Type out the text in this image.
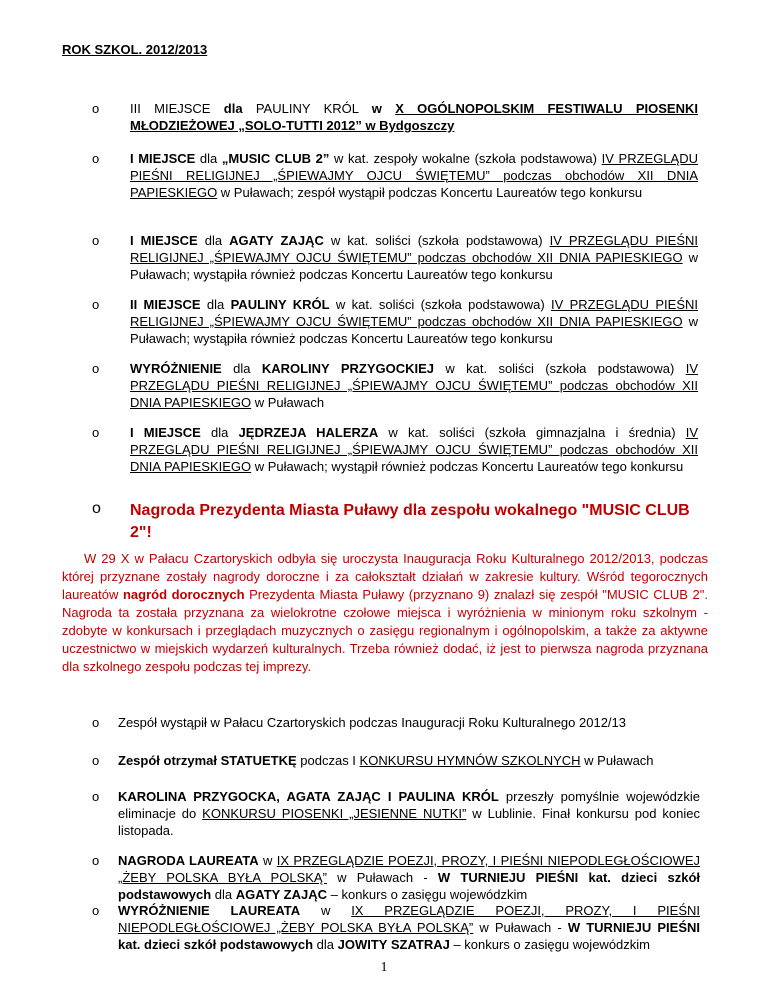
ROK SZKOL. 2012/2013
o	III MIEJSCE dla PAULINY KRÓL w X OGÓLNOPOLSKIM FESTIWALU PIOSENKI MŁODZIEŻOWEJ „SOLO-TUTTI 2012” w Bydgoszczy
o	I MIEJSCE dla „MUSIC CLUB 2” w kat. zespoły wokalne (szkoła podstawowa) IV PRZEGLĄDU PIEŚNI RELIGIJNEJ „ŚPIEWAJMY OJCU ŚWIĘTEMU” podczas obchodów XII DNIA PAPIESKIEGO w Puławach; zespół wystąpił podczas Koncertu Laureatów tego konkursu
o	I MIEJSCE dla AGATY ZAJĄC w kat. soliści (szkoła podstawowa) IV PRZEGLĄDU PIEŚNI RELIGIJNEJ „ŚPIEWAJMY OJCU ŚWIĘTEMU” podczas obchodów XII DNIA PAPIESKIEGO w Puławach; wystąpiła również podczas Koncertu Laureatów tego konkursu
o	II MIEJSCE dla PAULINY KRÓL w kat. soliści (szkoła podstawowa) IV PRZEGLĄDU PIEŚNI RELIGIJNEJ „ŚPIEWAJMY OJCU ŚWIĘTEMU” podczas obchodów XII DNIA PAPIESKIEGO w Puławach; wystąpiła również podczas Koncertu Laureatów tego konkursu
o	WYRÓŻNIENIE dla KAROLINY PRZYGOCKIEJ w kat. soliści (szkoła podstawowa) IV PRZEGLĄDU PIEŚNI RELIGIJNEJ „ŚPIEWAJMY OJCU ŚWIĘTEMU” podczas obchodów XII DNIA PAPIESKIEGO w Puławach
o	I MIEJSCE dla JĘDRZEJA HALERZA w kat. soliści (szkoła gimnazjalna i średnia) IV PRZEGLĄDU PIEŚNI RELIGIJNEJ „ŚPIEWAJMY OJCU ŚWIĘTEMU” podczas obchodów XII DNIA PAPIESKIEGO w Puławach; wystąpił również podczas Koncertu Laureatów tego konkursu
o Nagroda Prezydenta Miasta Puławy dla zespołu wokalnego "MUSIC CLUB 2"!
W 29 X w Pałacu Czartoryskich odbyła się uroczysta Inauguracja Roku Kulturalnego 2012/2013, podczas której przyznane zostały nagrody doroczne i za całokształt działań w zakresie kultury. Wśród tegorocznych laureatów nagród dorocznych Prezydenta Miasta Puławy (przyznano 9) znalazł się zespół "MUSIC CLUB 2". Nagroda ta została przyznana za wielokrotne czołowe miejsca i wyróżnienia w minionym roku szkolnym - zdobyte w konkursach i przeglądach muzycznych o zasięgu regionalnym i ogólnopolskim, a także za aktywne uczestnictwo w miejskich wydarzeń kulturalnych. Trzeba również dodać, iż jest to pierwsza nagroda przyznana dla szkolnego zespołu podczas tej imprezy.
o	Zespół wystąpił w Pałacu Czartoryskich podczas Inauguracji Roku Kulturalnego 2012/13
o	Zespół otrzymał STATUETKĘ podczas I KONKURSU HYMNÓW SZKOLNYCH w Puławach
o	KAROLINA PRZYGOCKA, AGATA ZAJĄC I PAULINA KRÓL przeszły pomyślnie wojewódzkie eliminacje do KONKURSU PIOSENKI „JESIENNE NUTKI” w Lublinie. Finał konkursu pod koniec listopada.
o	NAGRODA LAUREATA w IX PRZEGLĄDZIE POEZJI, PROZY, I PIEŚNI NIEPODLEGŁOŚCIOWEJ „ŻEBY POLSKA BYŁA POLSKĄ” w Puławach - W TURNIEJU PIEŚNI kat. dzieci szkół podstawowych dla AGATY ZAJĄC – konkurs o zasięgu wojewódzkim
o	WYRÓŻNIENIE LAUREATA w IX PRZEGLĄDZIE POEZJI, PROZY, I PIEŚNI NIEPODLEGŁOŚCIOWEJ „ŻEBY POLSKA BYŁA POLSKĄ” w Puławach - W TURNIEJU PIEŚNI kat. dzieci szkół podstawowych dla JOWITY SZATRAJ – konkurs o zasięgu wojewódzkim
1
